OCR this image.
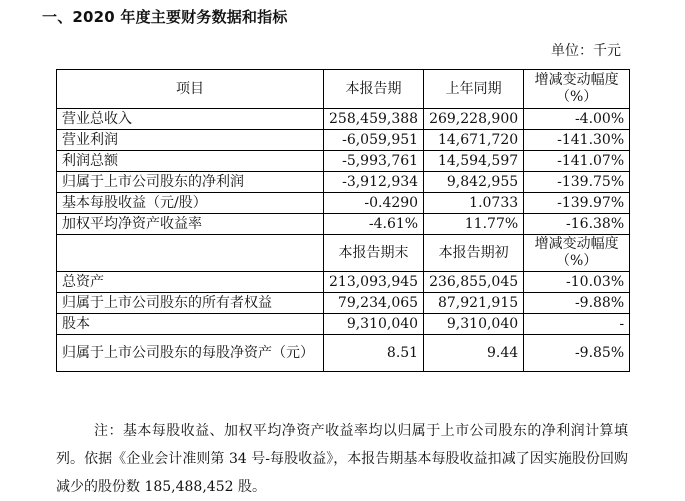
一、2020 年度主要财务数据和指标
单位：千元
项目	本报告期	上年同期	增减变动幅度（%）
营业总收入	258,459,388	269,228,900	-4.00%
营业利润	-6,059,951	14,671,720	-141.30%
利润总额	-5,993,761	14,594,597	-141.07%
归属于上市公司股东的净利润	-3,912,934	9,842,955	-139.75%
基本每股收益（元/股）	-0.4290	1.0733	-139.97%
加权平均净资产收益率	-4.61%	11.77%	-16.38%
	本报告期末	本报告期初	增减变动幅度（%）
总资产	213,093,945	236,855,045	-10.03%
归属于上市公司股东的所有者权益	79,234,065	87,921,915	-9.88%
股本	9,310,040	9,310,040	-
归属于上市公司股东的每股净资产（元）	8.51	9.44	-9.85%

注：基本每股收益、加权平均净资产收益率均以归属于上市公司股东的净利润计算填列。依据《企业会计准则第 34 号-每股收益》，本报告期基本每股收益扣减了因实施股份回购减少的股份数 185,488,452 股。
